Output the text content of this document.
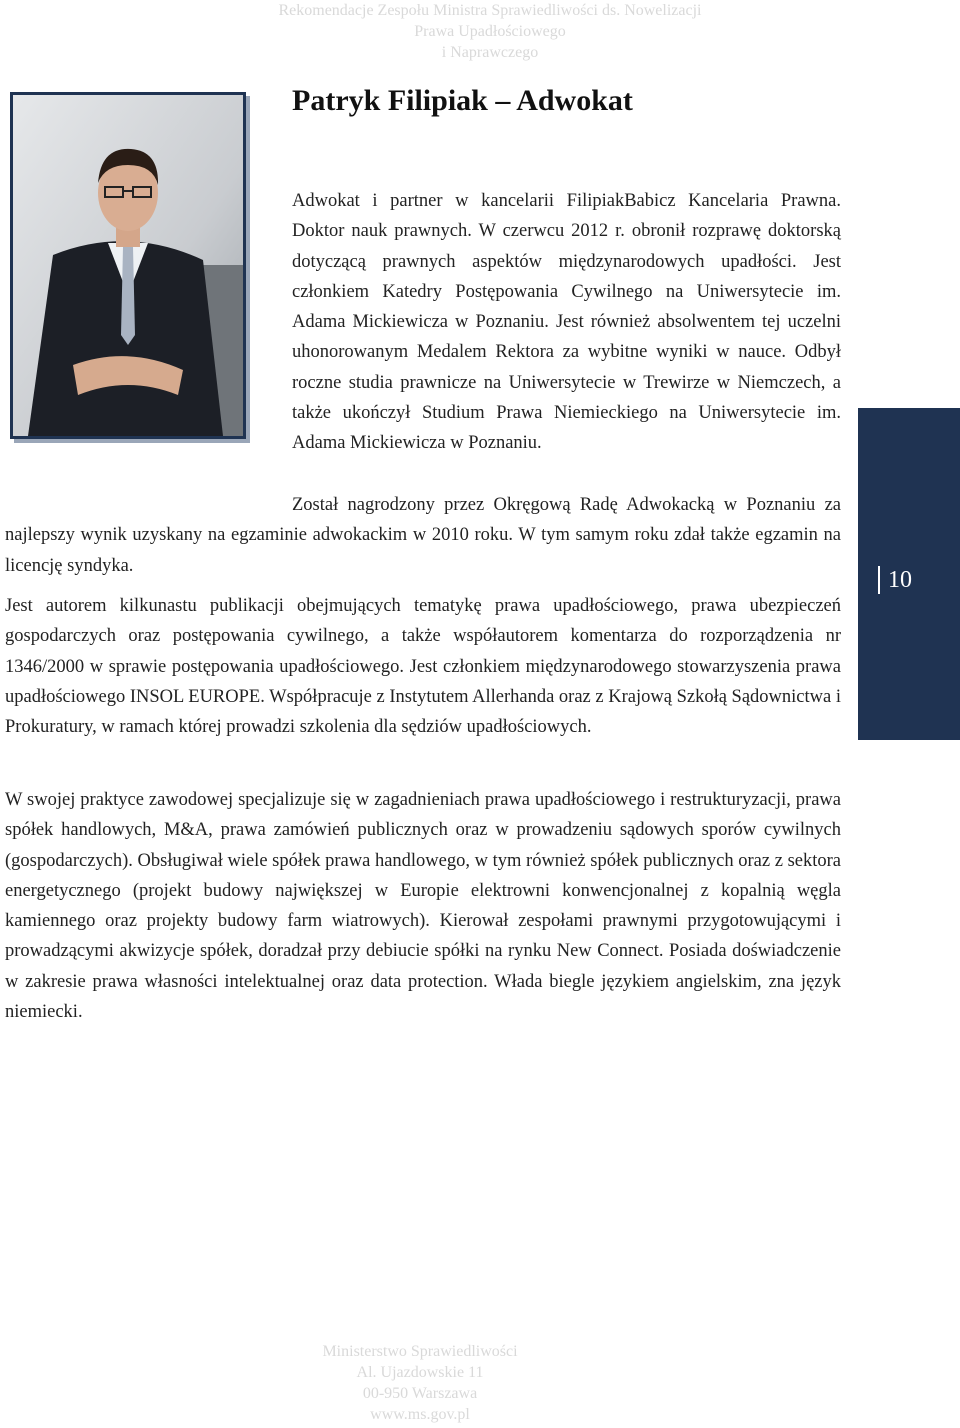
Rekomendacje Zespołu Ministra Sprawiedliwości ds. Nowelizacji
Prawa Upadłościowego
i Naprawczego
Patryk Filipiak – Adwokat

Adwokat i partner w kancelarii FilipiakBabicz Kancelaria Prawna. Doktor nauk prawnych. W czerwcu 2012 r. obronił rozprawę doktorską dotyczącą prawnych aspektów międzynarodowych upadłości. Jest członkiem Katedry Postępowania Cywilnego na Uniwersytecie im. Adama Mickiewicza w Poznaniu. Jest również absolwentem tej uczelni uhonorowanym Medalem Rektora za wybitne wyniki w nauce. Odbył roczne studia prawnicze na Uniwersytecie w Trewirze w Niemczech, a także ukończył Studium Prawa Niemieckiego na Uniwersytecie im. Adama Mickiewicza w Poznaniu.

Został nagrodzony przez Okręgową Radę Adwokacką w Poznaniu za najlepszy wynik uzyskany na egzaminie adwokackim w 2010 roku. W tym samym roku zdał także egzamin na licencję syndyka.

Jest autorem kilkunastu publikacji obejmujących tematykę prawa upadłościowego, prawa ubezpieczeń gospodarczych oraz postępowania cywilnego, a także współautorem komentarza do rozporządzenia nr 1346/2000 w sprawie postępowania upadłościowego. Jest członkiem międzynarodowego stowarzyszenia prawa upadłościowego INSOL EUROPE. Współpracuje z Instytutem Allerhanda oraz z Krajową Szkołą Sądownictwa i Prokuratury, w ramach której prowadzi szkolenia dla sędziów upadłościowych.

W swojej praktyce zawodowej specjalizuje się w zagadnieniach prawa upadłościowego i restrukturyzacji, prawa spółek handlowych, M&A, prawa zamówień publicznych oraz w prowadzeniu sądowych sporów cywilnych (gospodarczych). Obsługiwał wiele spółek prawa handlowego, w tym również spółek publicznych oraz z sektora energetycznego (projekt budowy największej w Europie elektrowni konwencjonalnej z kopalnią węgla kamiennego oraz projekty budowy farm wiatrowych). Kierował zespołami prawnymi przygotowującymi i prowadzącymi akwizycje spółek, doradzał przy debiucie spółki na rynku New Connect. Posiada doświadczenie w zakresie prawa własności intelektualnej oraz data protection. Włada biegle językiem angielskim, zna język niemiecki.

10
Ministerstwo Sprawiedliwości
Al. Ujazdowskie 11
00-950 Warszawa
www.ms.gov.pl
